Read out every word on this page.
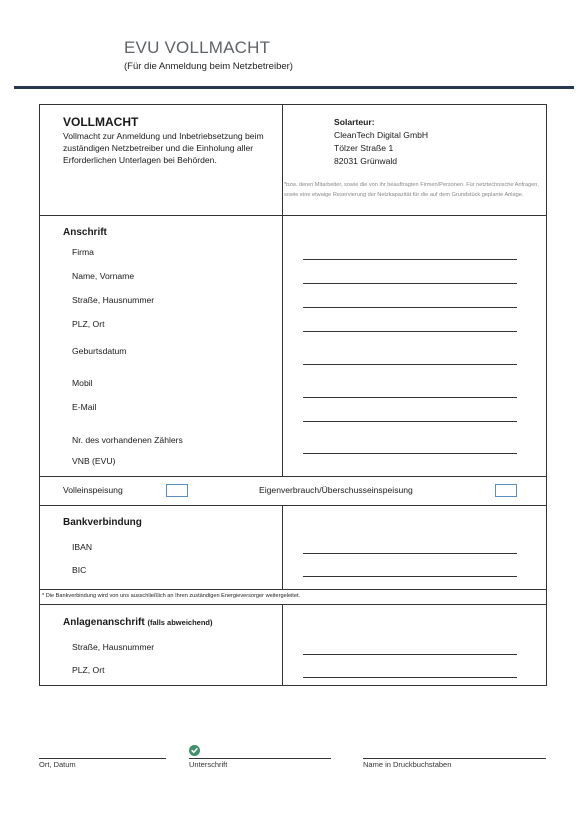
EVU VOLLMACHT
(Für die Anmeldung beim Netzbetreiber)
VOLLMACHT
Vollmacht zur Anmeldung und Inbetriebsetzung beim zuständigen Netzbetreiber und die Einholung aller Erforderlichen Unterlagen bei Behörden.
Solarteur:
CleanTech Digital GmbH
Tölzer Straße 1
82031 Grünwald
*bzw. deren Mitarbeiter, sowie die von ihr beauftragten Firmen/Personen. Für netztechnische Anfragen, sowie eine etwaige Reservierung der Netzkapazität für die auf dem Grundstück geplante Anlage.
Anschrift
Firma
Name, Vorname
Straße, Hausnummer
PLZ, Ort
Geburtsdatum
Mobil
E-Mail
Nr. des vorhandenen Zählers
VNB (EVU)
Volleinspeisung	Eigenverbrauch/Überschusseinspeisung
Bankverbindung
IBAN
BIC
* Die Bankverbindung wird von uns ausschließlich an Ihren zuständigen Energieversorger weitergeleitet.
Anlagenanschrift (falls abweichend)
Straße, Hausnummer
PLZ, Ort
Ort, Datum	Unterschrift	Name in Druckbuchstaben
